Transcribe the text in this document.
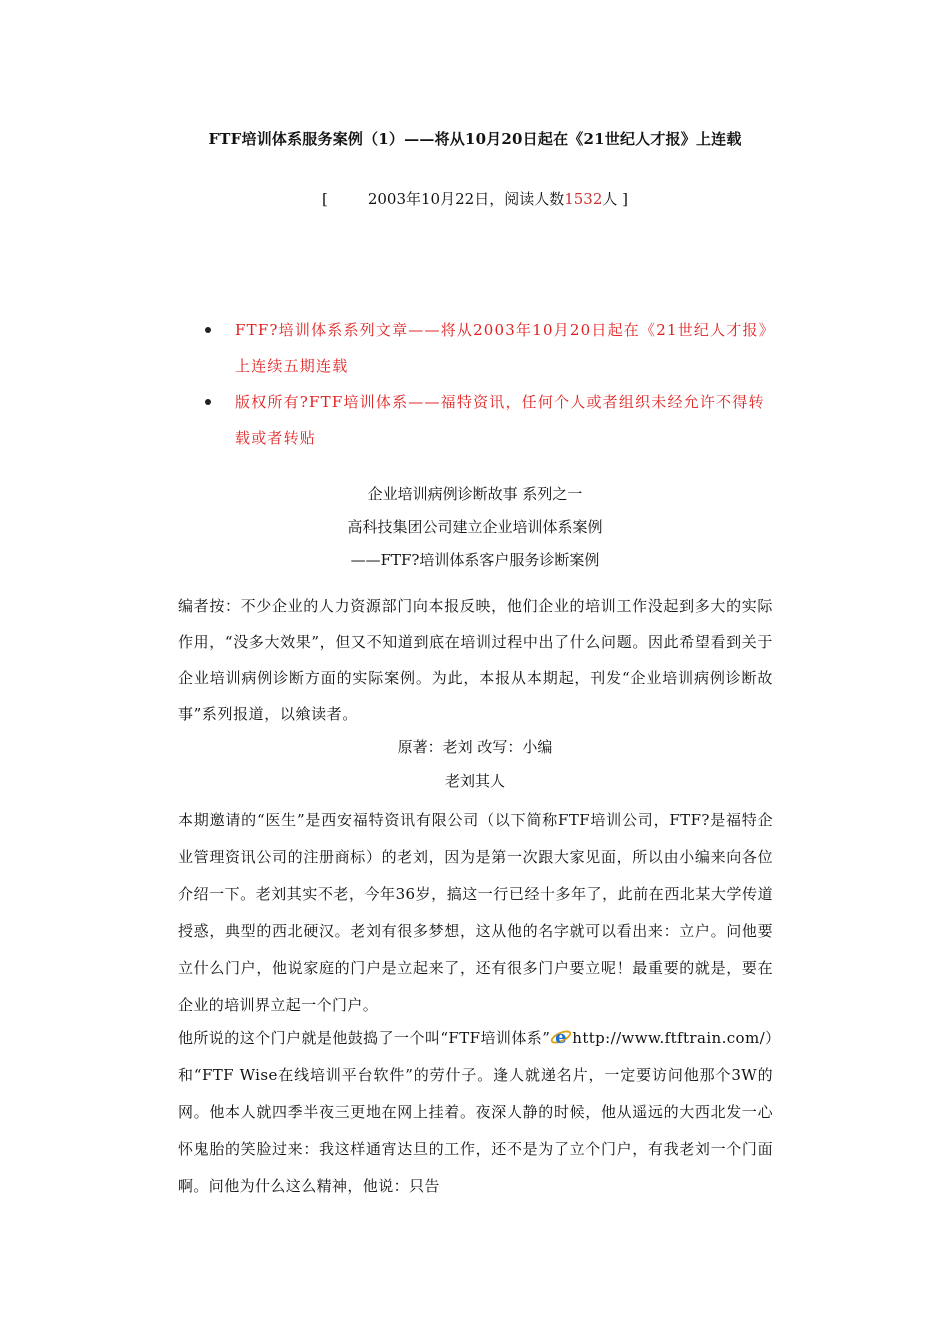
FTF培训体系服务案例（1）——将从10月20日起在《21世纪人才报》上连载
[	2003年10月22日，阅读人数1532人 ]
FTF?培训体系系列文章——将从2003年10月20日起在《21世纪人才报》上连续五期连载
版权所有?FTF培训体系——福特资讯，任何个人或者组织未经允许不得转载或者转贴
企业培训病例诊断故事 系列之一
高科技集团公司建立企业培训体系案例
——FTF?培训体系客户服务诊断案例
编者按：不少企业的人力资源部门向本报反映，他们企业的培训工作没起到多大的实际作用，“没多大效果”，但又不知道到底在培训过程中出了什么问题。因此希望看到关于企业培训病例诊断方面的实际案例。为此，本报从本期起，刊发“企业培训病例诊断故事”系列报道，以飨读者。
原著：老刘 改写：小编
老刘其人
本期邀请的“医生”是西安福特资讯有限公司（以下简称FTF培训公司，FTF?是福特企业管理资讯公司的注册商标）的老刘，因为是第一次跟大家见面，所以由小编来向各位介绍一下。老刘其实不老，今年36岁，搞这一行已经十多年了，此前在西北某大学传道授惑，典型的西北硬汉。老刘有很多梦想，这从他的名字就可以看出来：立户。问他要立什么门户，他说家庭的门户是立起来了，还有很多门户要立呢！最重要的就是，要在企业的培训界立起一个门户。
他所说的这个门户就是他鼓捣了一个叫“FTF培训体系” e http://www.ftftrain.com/）和“FTF Wise在线培训平台软件”的劳什子。逢人就递名片，一定要访问他那个3W的网。他本人就四季半夜三更地在网上挂着。夜深人静的时候，他从遥远的大西北发一心怀鬼胎的笑脸过来：我这样通宵达旦的工作，还不是为了立个门户，有我老刘一个门面啊。问他为什么这么精神，他说：只告
